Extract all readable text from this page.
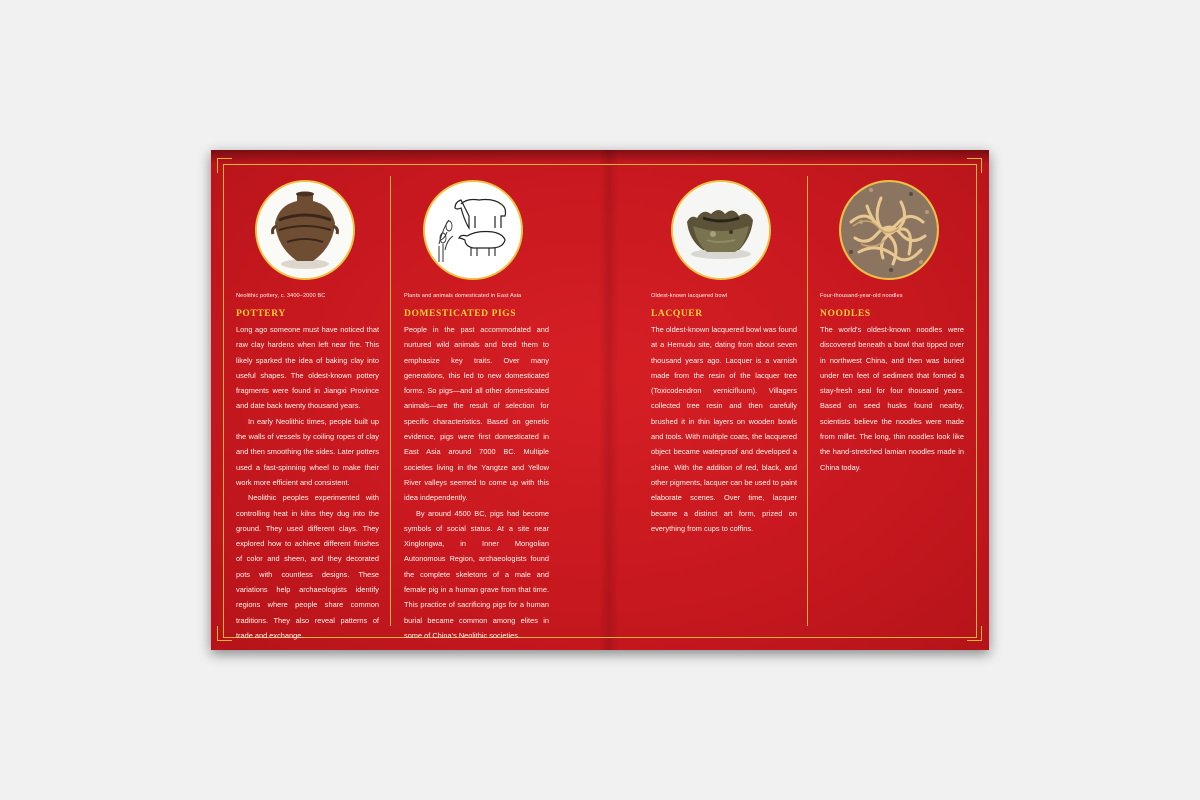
Neolithic pottery, c. 3400–2000 BC
POTTERY

Long ago someone must have noticed that raw clay hardens when left near fire. This likely sparked the idea of baking clay into useful shapes. The oldest-known pottery fragments were found in Jiangxi Province and date back twenty thousand years.

In early Neolithic times, people built up the walls of vessels by coiling ropes of clay and then smoothing the sides. Later potters used a fast-spinning wheel to make their work more efficient and consistent.

Neolithic peoples experimented with controlling heat in kilns they dug into the ground. They used different clays. They explored how to achieve different finishes of color and sheen, and they decorated pots with countless designs. These variations help archaeologists identify regions where people share common traditions. They also reveal patterns of trade and exchange.

Plants and animals domesticated in East Asia
DOMESTICATED PIGS

People in the past accommodated and nurtured wild animals and bred them to emphasize key traits. Over many generations, this led to new domesticated forms. So pigs—and all other domesticated animals—are the result of selection for specific characteristics. Based on genetic evidence, pigs were first domesticated in East Asia around 7000 BC. Multiple societies living in the Yangtze and Yellow River valleys seemed to come up with this idea independently.

By around 4500 BC, pigs had become symbols of social status. At a site near Xinglongwa, in Inner Mongolian Autonomous Region, archaeologists found the complete skeletons of a male and female pig in a human grave from that time. This practice of sacrificing pigs for a human burial became common among elites in some of China's Neolithic societies.

Oldest-known lacquered bowl
LACQUER

The oldest-known lacquered bowl was found at a Hemudu site, dating from about seven thousand years ago. Lacquer is a varnish made from the resin of the lacquer tree (Toxicodendron vernicifluum). Villagers collected tree resin and then carefully brushed it in thin layers on wooden bowls and tools. With multiple coats, the lacquered object became waterproof and developed a shine. With the addition of red, black, and other pigments, lacquer can be used to paint elaborate scenes. Over time, lacquer became a distinct art form, prized on everything from cups to coffins.

Four-thousand-year-old noodles
NOODLES

The world's oldest-known noodles were discovered beneath a bowl that tipped over in northwest China, and then was buried under ten feet of sediment that formed a stay-fresh seal for four thousand years. Based on seed husks found nearby, scientists believe the noodles were made from millet. The long, thin noodles look like the hand-stretched lamian noodles made in China today.
